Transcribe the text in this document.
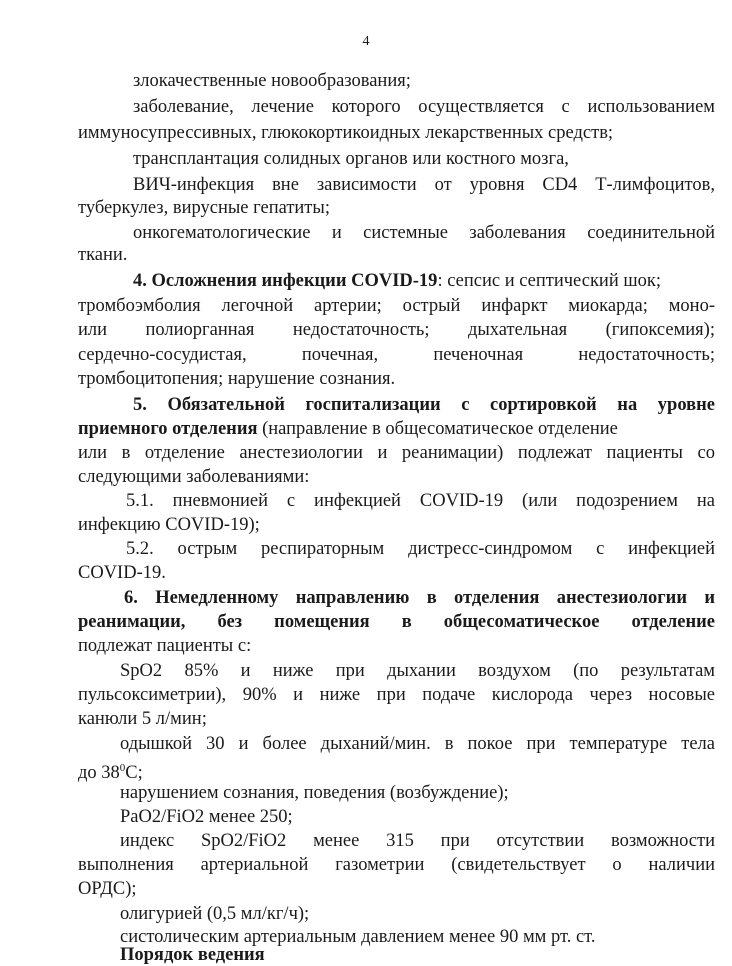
4

злокачественные новообразования;

заболевание, лечение которого осуществляется с использованием

иммуносупрессивных, глюкокортикоидных лекарственных средств;

трансплантация солидных органов или костного мозга,

ВИЧ-инфекция вне зависимости от уровня CD4 Т-лимфоцитов,

туберкулез, вирусные гепатиты;

онкогематологические и системные заболевания соединительной

ткани.

4. Осложнения инфекции COVID-19: сепсис и септический шок;

тромбоэмболия легочной артерии; острый инфаркт миокарда; моно-

или полиорганная недостаточность; дыхательная (гипоксемия);

сердечно-сосудистая, почечная, печеночная недостаточность;

тромбоцитопения; нарушение сознания.

5. Обязательной госпитализации с сортировкой на уровне

приемного отделения (направление в общесоматическое отделение

или в отделение анестезиологии и реанимации) подлежат пациенты со

следующими заболеваниями:

5.1. пневмонией с инфекцией COVID-19 (или подозрением на

инфекцию COVID-19);

5.2. острым респираторным дистресс-синдромом с инфекцией

COVID-19.

6. Немедленному направлению в отделения анестезиологии и

реанимации, без помещения в общесоматическое отделение

подлежат пациенты с:

SpO2 85% и ниже при дыхании воздухом (по результатам

пульсоксиметрии), 90% и ниже при подаче кислорода через носовые

канюли 5 л/мин;

одышкой 30 и более дыханий/мин. в покое при температуре тела

до $38^0С$;

нарушением сознания, поведения (возбуждение);

PaO2/FiO2 менее 250;

индекс SpO2/FiO2 менее 315 при отсутствии возможности

выполнения артериальной газометрии (свидетельствует о наличии

ОРДС);

олигурией (0,5 мл/кг/ч);

систолическим артериальным давлением менее 90 мм рт. ст.

Порядок ведения
